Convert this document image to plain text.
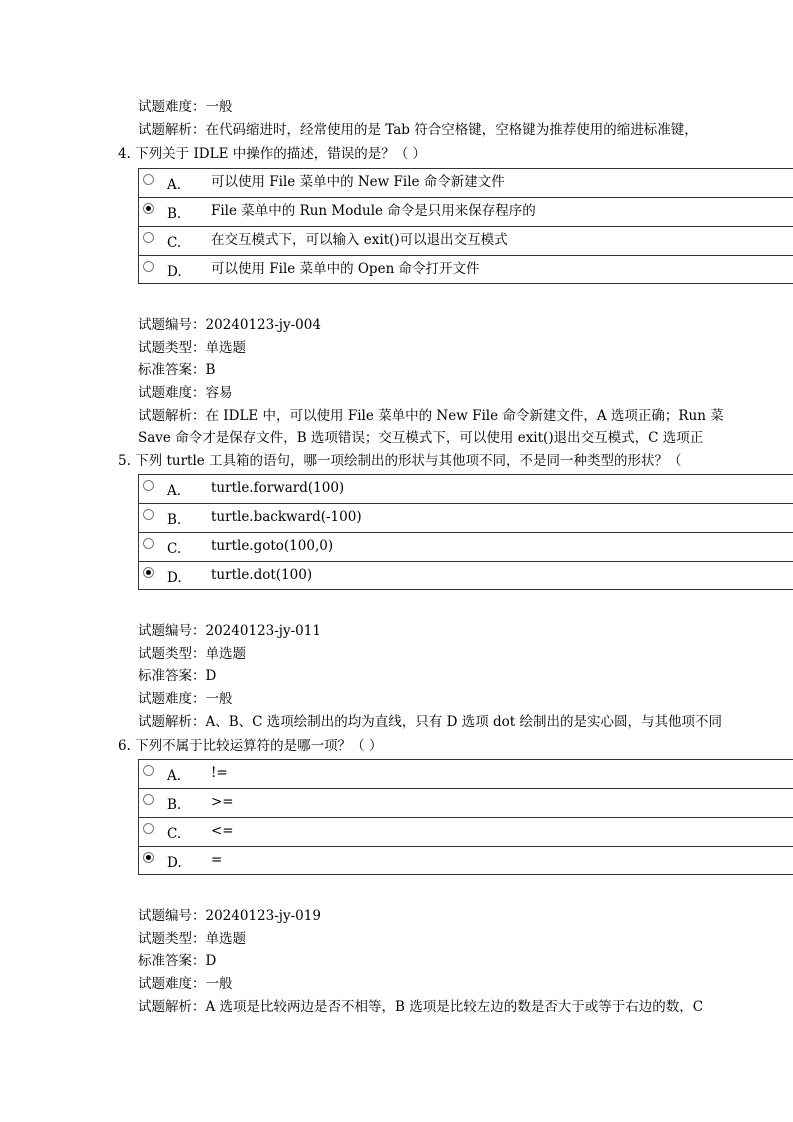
试题难度：一般
试题解析：在代码缩进时，经常使用的是 Tab 符合空格键，空格键为推荐使用的缩进标准键，
4. 下列关于 IDLE 中操作的描述，错误的是？（ ）
A. 可以使用 File 菜单中的 New File 命令新建文件
B. File 菜单中的 Run Module 命令是只用来保存程序的
C. 在交互模式下，可以输入 exit()可以退出交互模式
D. 可以使用 File 菜单中的 Open 命令打开文件
试题编号：20240123-jy-004
试题类型：单选题
标准答案：B
试题难度：容易
试题解析：在 IDLE 中，可以使用 File 菜单中的 New File 命令新建文件，A 选项正确；Run 菜
Save 命令才是保存文件，B 选项错误；交互模式下，可以使用 exit()退出交互模式，C 选项正
5. 下列 turtle 工具箱的语句，哪一项绘制出的形状与其他项不同，不是同一种类型的形状？（
A. turtle.forward(100)
B. turtle.backward(-100)
C. turtle.goto(100,0)
D. turtle.dot(100)
试题编号：20240123-jy-011
试题类型：单选题
标准答案：D
试题难度：一般
试题解析：A、B、C 选项绘制出的均为直线，只有 D 选项 dot 绘制出的是实心圆，与其他项不同
6. 下列不属于比较运算符的是哪一项？（ ）
A. !=
B. >=
C. <=
D. =
试题编号：20240123-jy-019
试题类型：单选题
标准答案：D
试题难度：一般
试题解析：A 选项是比较两边是否不相等，B 选项是比较左边的数是否大于或等于右边的数，C
